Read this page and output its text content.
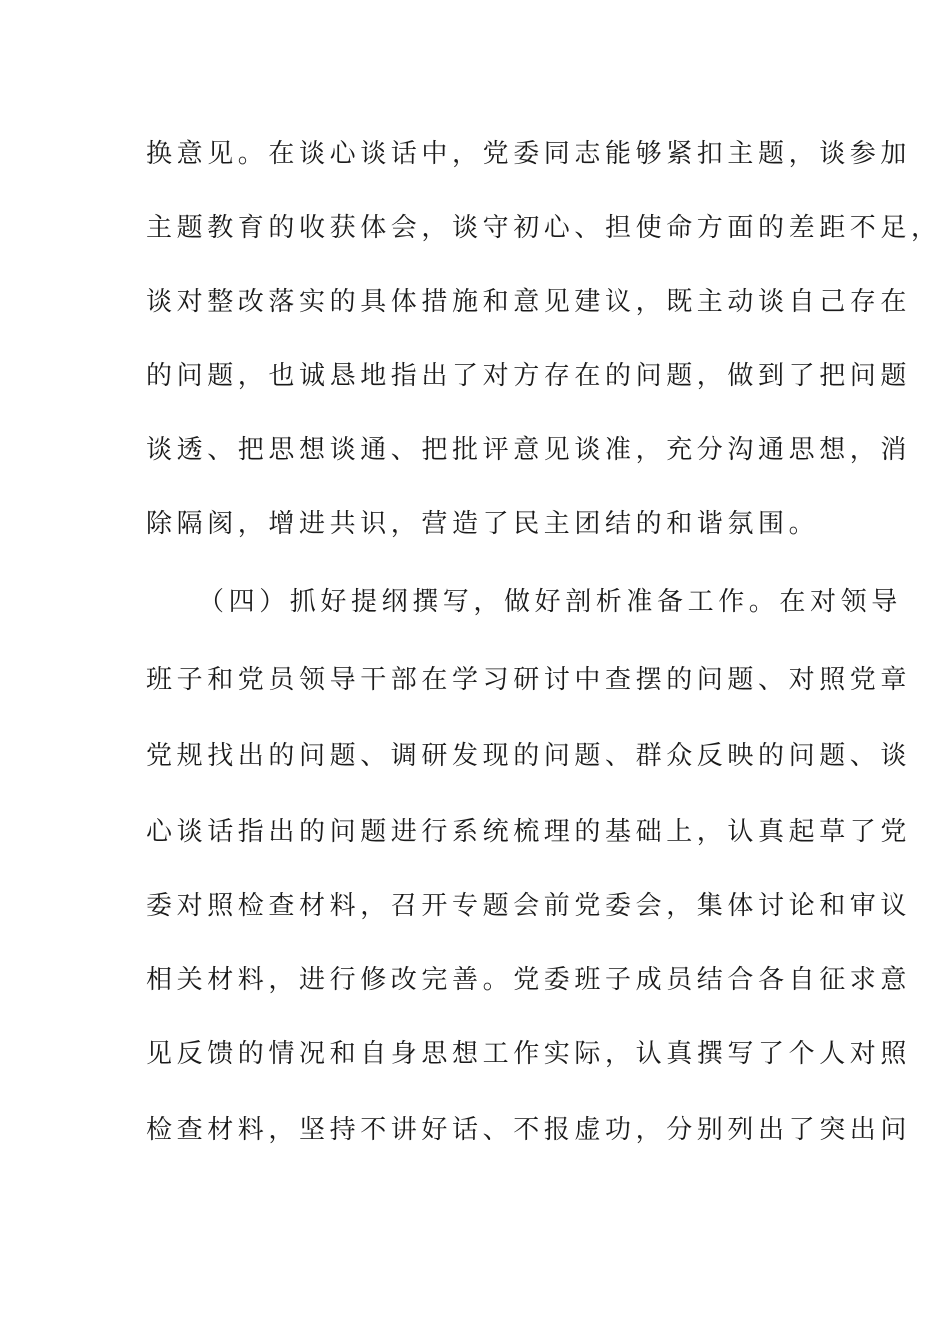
换意见。在谈心谈话中，党委同志能够紧扣主题，谈参加
主题教育的收获体会，谈守初心、担使命方面的差距不足，
谈对整改落实的具体措施和意见建议，既主动谈自己存在
的问题，也诚恳地指出了对方存在的问题，做到了把问题
谈透、把思想谈通、把批评意见谈准，充分沟通思想，消
除隔阂，增进共识，营造了民主团结的和谐氛围。
（四）抓好提纲撰写，做好剖析准备工作。在对领导
班子和党员领导干部在学习研讨中查摆的问题、对照党章
党规找出的问题、调研发现的问题、群众反映的问题、谈
心谈话指出的问题进行系统梳理的基础上，认真起草了党
委对照检查材料，召开专题会前党委会，集体讨论和审议
相关材料，进行修改完善。党委班子成员结合各自征求意
见反馈的情况和自身思想工作实际，认真撰写了个人对照
检查材料，坚持不讲好话、不报虚功，分别列出了突出问
